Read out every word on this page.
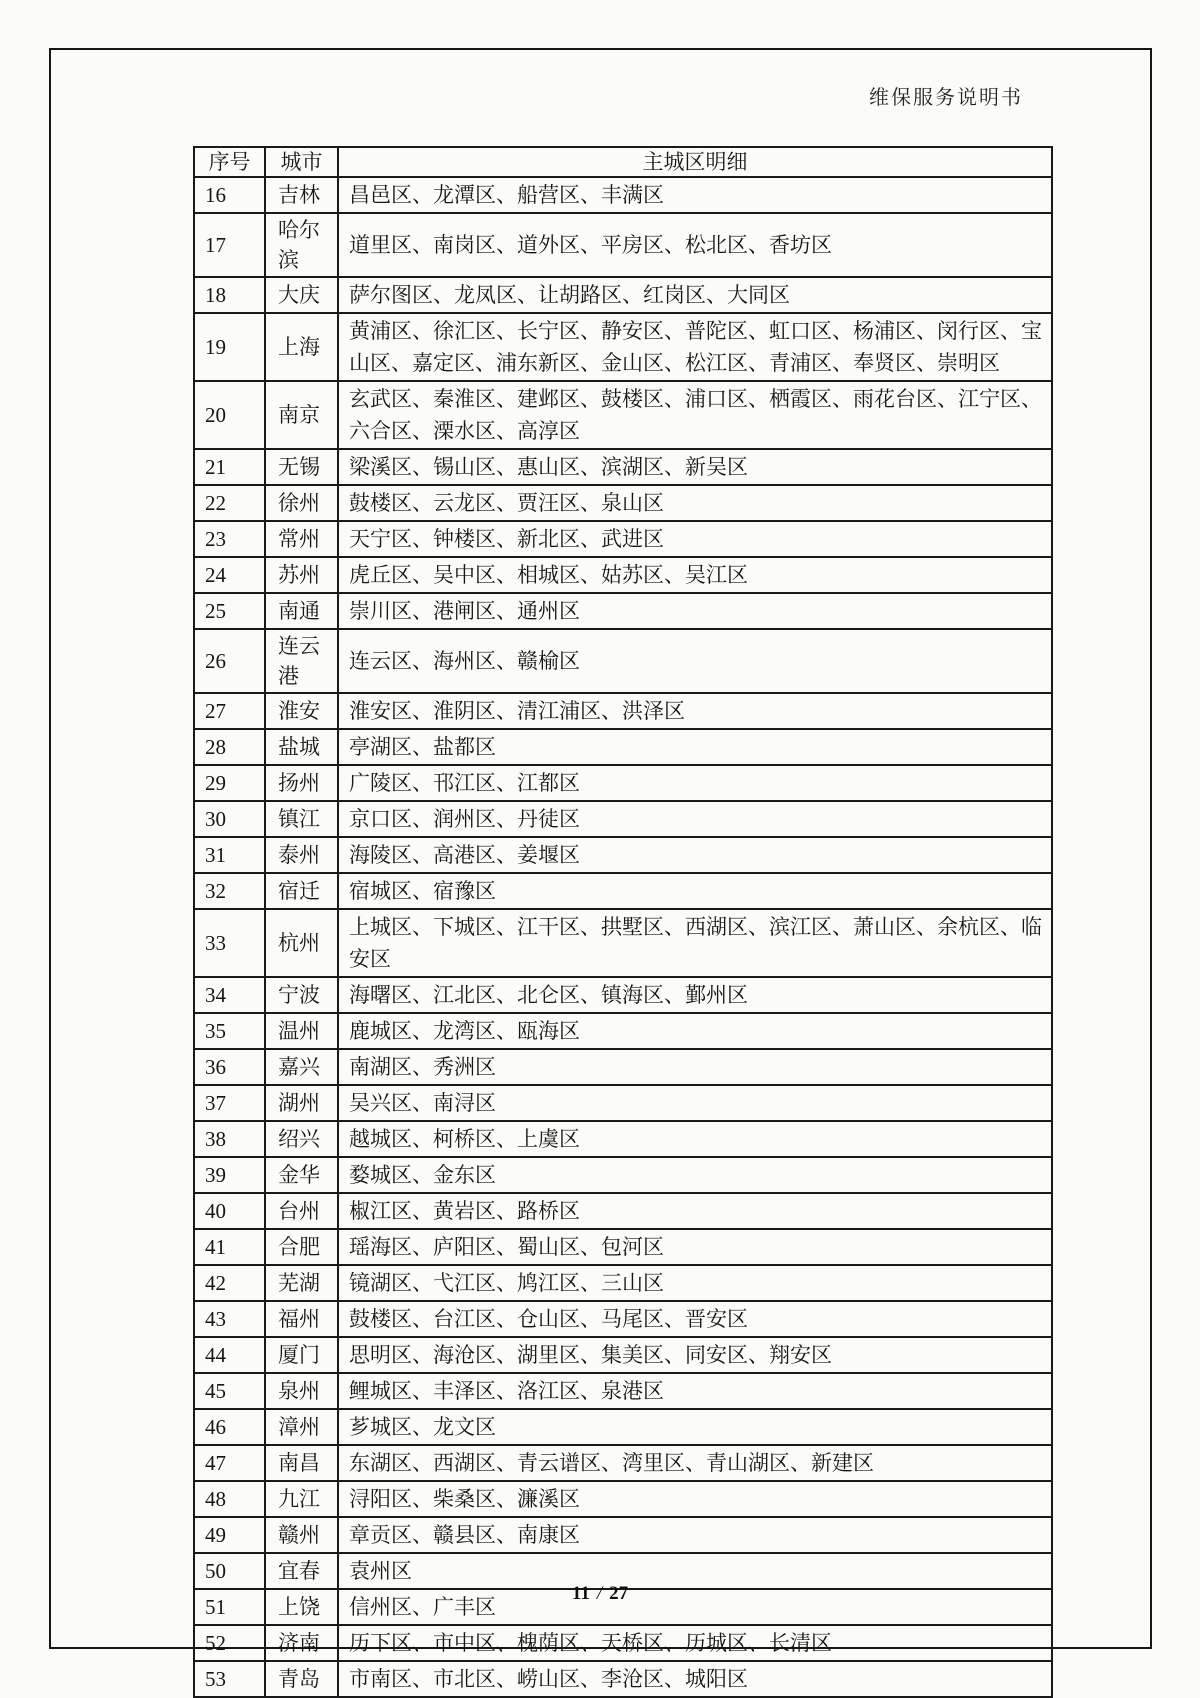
维保服务说明书
序号	城市	主城区明细
16	吉林	昌邑区、龙潭区、船营区、丰满区
17	哈尔滨	道里区、南岗区、道外区、平房区、松北区、香坊区
18	大庆	萨尔图区、龙凤区、让胡路区、红岗区、大同区
19	上海	黄浦区、徐汇区、长宁区、静安区、普陀区、虹口区、杨浦区、闵行区、宝山区、嘉定区、浦东新区、金山区、松江区、青浦区、奉贤区、崇明区
20	南京	玄武区、秦淮区、建邺区、鼓楼区、浦口区、栖霞区、雨花台区、江宁区、六合区、溧水区、高淳区
21	无锡	梁溪区、锡山区、惠山区、滨湖区、新吴区
22	徐州	鼓楼区、云龙区、贾汪区、泉山区
23	常州	天宁区、钟楼区、新北区、武进区
24	苏州	虎丘区、吴中区、相城区、姑苏区、吴江区
25	南通	崇川区、港闸区、通州区
26	连云港	连云区、海州区、赣榆区
27	淮安	淮安区、淮阴区、清江浦区、洪泽区
28	盐城	亭湖区、盐都区
29	扬州	广陵区、邗江区、江都区
30	镇江	京口区、润州区、丹徒区
31	泰州	海陵区、高港区、姜堰区
32	宿迁	宿城区、宿豫区
33	杭州	上城区、下城区、江干区、拱墅区、西湖区、滨江区、萧山区、余杭区、临安区
34	宁波	海曙区、江北区、北仑区、镇海区、鄞州区
35	温州	鹿城区、龙湾区、瓯海区
36	嘉兴	南湖区、秀洲区
37	湖州	吴兴区、南浔区
38	绍兴	越城区、柯桥区、上虞区
39	金华	婺城区、金东区
40	台州	椒江区、黄岩区、路桥区
41	合肥	瑶海区、庐阳区、蜀山区、包河区
42	芜湖	镜湖区、弋江区、鸠江区、三山区
43	福州	鼓楼区、台江区、仓山区、马尾区、晋安区
44	厦门	思明区、海沧区、湖里区、集美区、同安区、翔安区
45	泉州	鲤城区、丰泽区、洛江区、泉港区
46	漳州	芗城区、龙文区
47	南昌	东湖区、西湖区、青云谱区、湾里区、青山湖区、新建区
48	九江	浔阳区、柴桑区、濂溪区
49	赣州	章贡区、赣县区、南康区
50	宜春	袁州区
51	上饶	信州区、广丰区
52	济南	历下区、市中区、槐荫区、天桥区、历城区、长清区
53	青岛	市南区、市北区、崂山区、李沧区、城阳区
11 / 27
